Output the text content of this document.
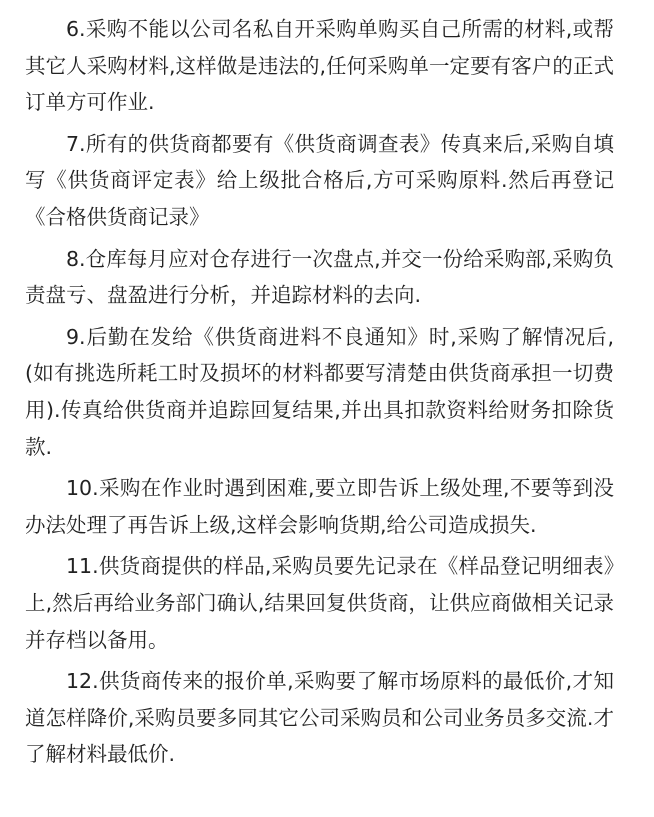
6.采购不能以公司名私自开采购单购买自己所需的材料,或帮其它人采购材料,这样做是违法的,任何采购单一定要有客户的正式订单方可作业.

7.所有的供货商都要有《供货商调查表》传真来后,采购自填写《供货商评定表》给上级批合格后,方可采购原料.然后再登记《合格供货商记录》

8.仓库每月应对仓存进行一次盘点,并交一份给采购部,采购负责盘亏、盘盈进行分析，并追踪材料的去向.

9.后勤在发给《供货商进料不良通知》时,采购了解情况后,(如有挑选所耗工时及损坏的材料都要写清楚由供货商承担一切费用).传真给供货商并追踪回复结果,并出具扣款资料给财务扣除货款.

10.采购在作业时遇到困难,要立即告诉上级处理,不要等到没办法处理了再告诉上级,这样会影响货期,给公司造成损失.

11.供货商提供的样品,采购员要先记录在《样品登记明细表》上,然后再给业务部门确认,结果回复供货商，让供应商做相关记录并存档以备用。

12.供货商传来的报价单,采购要了解市场原料的最低价,才知道怎样降价,采购员要多同其它公司采购员和公司业务员多交流.才了解材料最低价.
